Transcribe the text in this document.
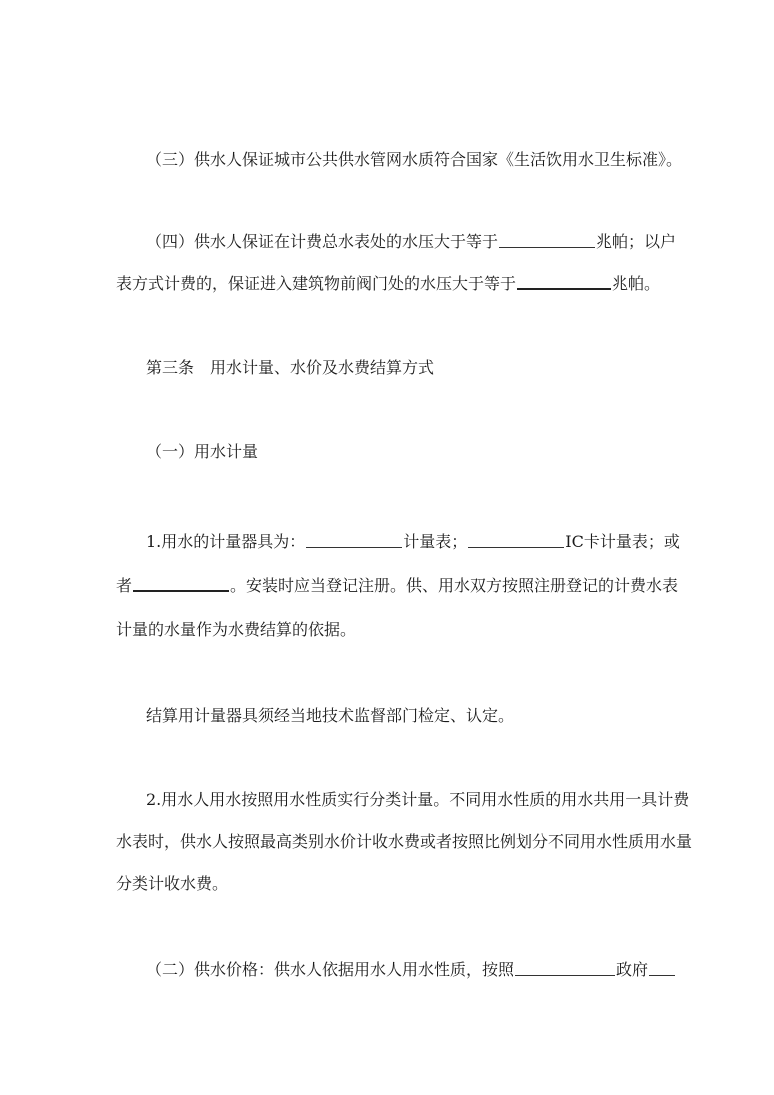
（三）供水人保证城市公共供水管网水质符合国家《生活饮用水卫生标准》。
（四）供水人保证在计费总水表处的水压大于等于	兆帕；以户
表方式计费的，保证进入建筑物前阀门处的水压大于等于	兆帕。
第三条　用水计量、水价及水费结算方式
（一）用水计量
1.用水的计量器具为：	计量表；	IC卡计量表；或
者	。安装时应当登记注册。供、用水双方按照注册登记的计费水表
计量的水量作为水费结算的依据。
结算用计量器具须经当地技术监督部门检定、认定。
2.用水人用水按照用水性质实行分类计量。不同用水性质的用水共用一具计费
水表时，供水人按照最高类别水价计收水费或者按照比例划分不同用水性质用水量
分类计收水费。
（二）供水价格：供水人依据用水人用水性质，按照	政府
